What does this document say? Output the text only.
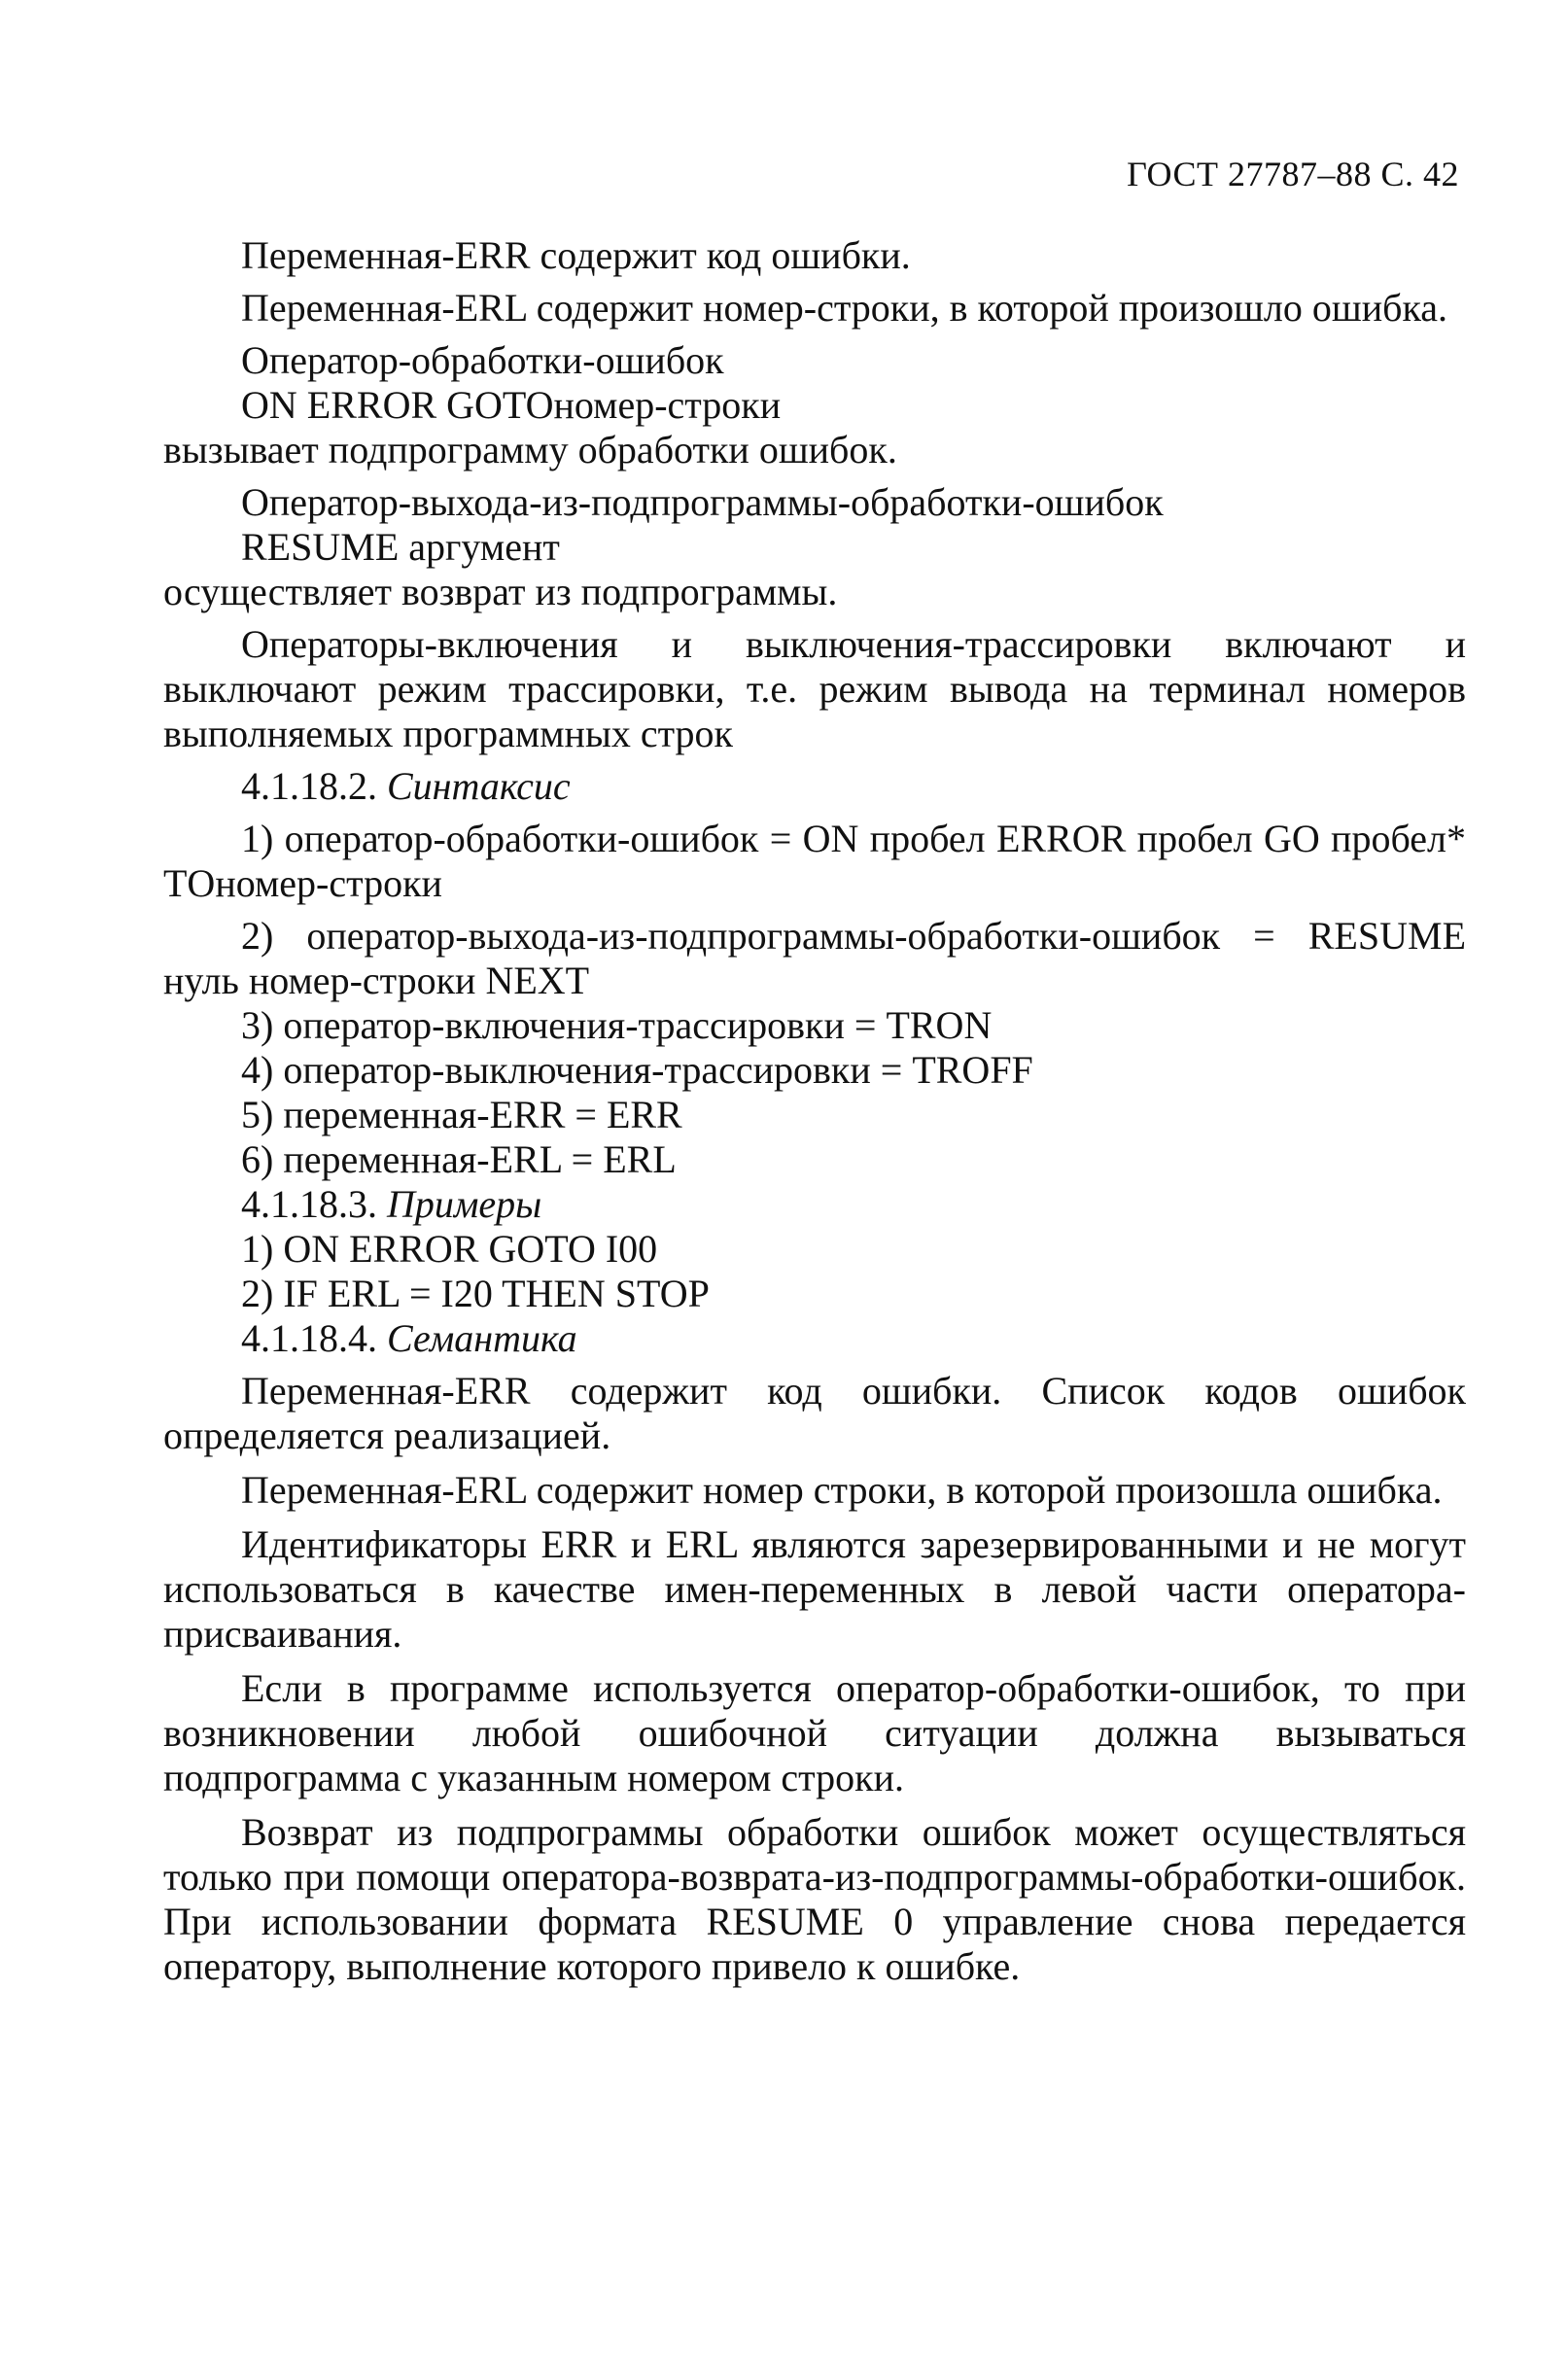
ГОСТ 27787–88 С. 42

Переменная-ERR содержит код ошибки.

Переменная-ERL содержит номер-строки, в которой произошло ошибка.

Оператор-обработки-ошибок

ON ERROR GOTOномер-строки

вызывает подпрограмму обработки ошибок.

Оператор-выхода-из-подпрограммы-обработки-ошибок

RESUME аргумент

осуществляет возврат из подпрограммы.

Операторы-включения и выключения-трассировки включают и выключают режим трассировки, т.е. режим вывода на терминал номеров выполняемых программных строк

4.1.18.2. Синтаксис

1) оператор-обработки-ошибок = ON пробел ERROR пробел GO пробел* TОномер-строки

2) оператор-выхода-из-подпрограммы-обработки-ошибок = RESUME нуль номер-строки NEXT

3) оператор-включения-трассировки = TRON

4) оператор-выключения-трассировки = TROFF

5) переменная-ERR = ERR

6) переменная-ERL = ERL

4.1.18.3. Примеры

1) ON ERROR GOTO I00

2) IF ERL = I20 THEN STOP

4.1.18.4. Семантика

Переменная-ERR содержит код ошибки. Список кодов ошибок определяется реализацией.

Переменная-ERL содержит номер строки, в которой произошла ошибка.

Идентификаторы ERR и ERL являются зарезервированными и не могут использоваться в качестве имен-переменных в левой части оператора-присваивания.

Если в программе используется оператор-обработки-ошибок, то при возникновении любой ошибочной ситуации должна вызываться подпрограмма с указанным номером строки.

Возврат из подпрограммы обработки ошибок может осуществляться только при помощи оператора-возврата-из-подпрограммы-обработки-ошибок. При использовании формата RESUME 0 управление снова передается оператору, выполнение которого привело к ошибке.
